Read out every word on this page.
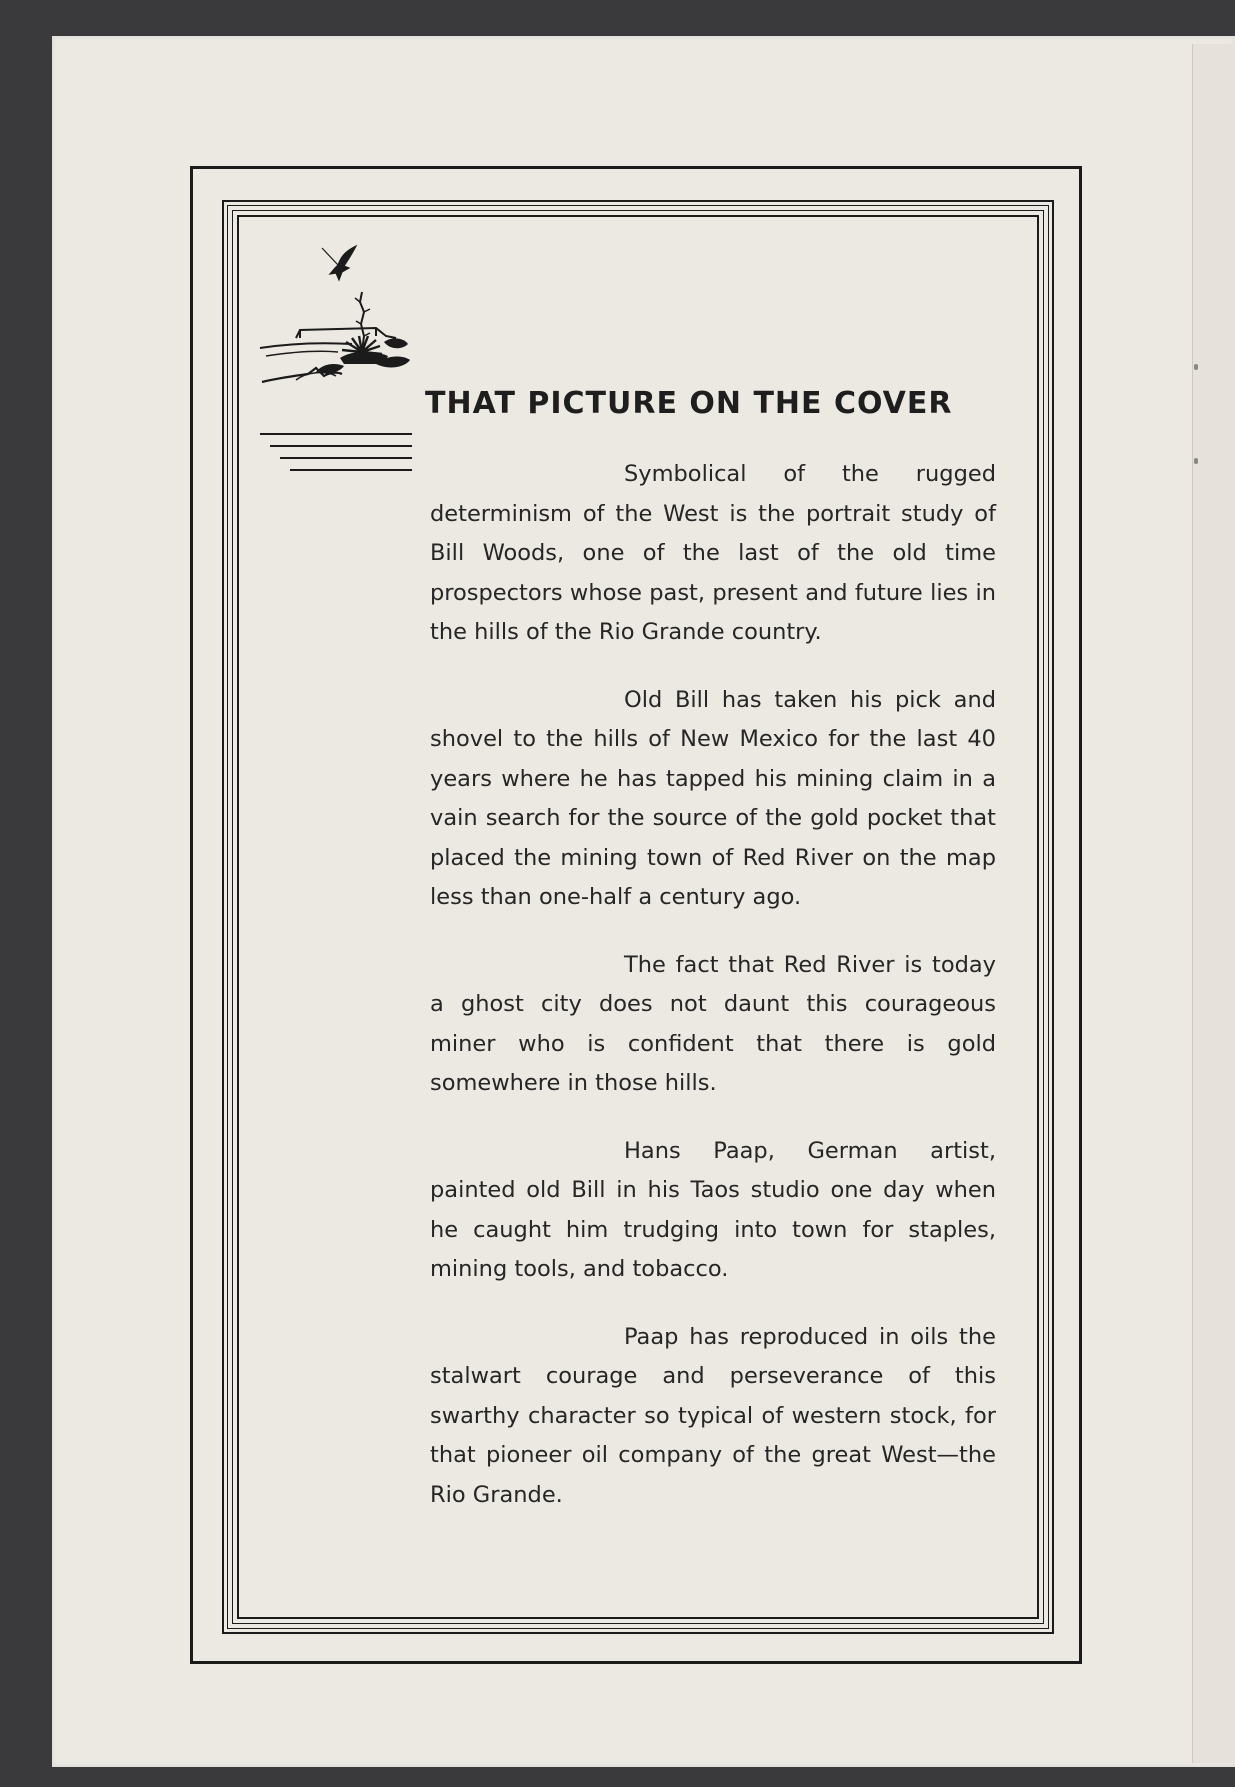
THAT PICTURE ON THE COVER

Symbolical of the rugged determinism of the West is the portrait study of Bill Woods, one of the last of the old time prospectors whose past, present and future lies in the hills of the Rio Grande country.

Old Bill has taken his pick and shovel to the hills of New Mexico for the last 40 years where he has tapped his mining claim in a vain search for the source of the gold pocket that placed the mining town of Red River on the map less than one-half a century ago.

The fact that Red River is today a ghost city does not daunt this courageous miner who is confident that there is gold somewhere in those hills.

Hans Paap, German artist, painted old Bill in his Taos studio one day when he caught him trudging into town for staples, mining tools, and tobacco.

Paap has reproduced in oils the stalwart courage and perseverance of this swarthy character so typical of western stock, for that pioneer oil company of the great West—the Rio Grande.
